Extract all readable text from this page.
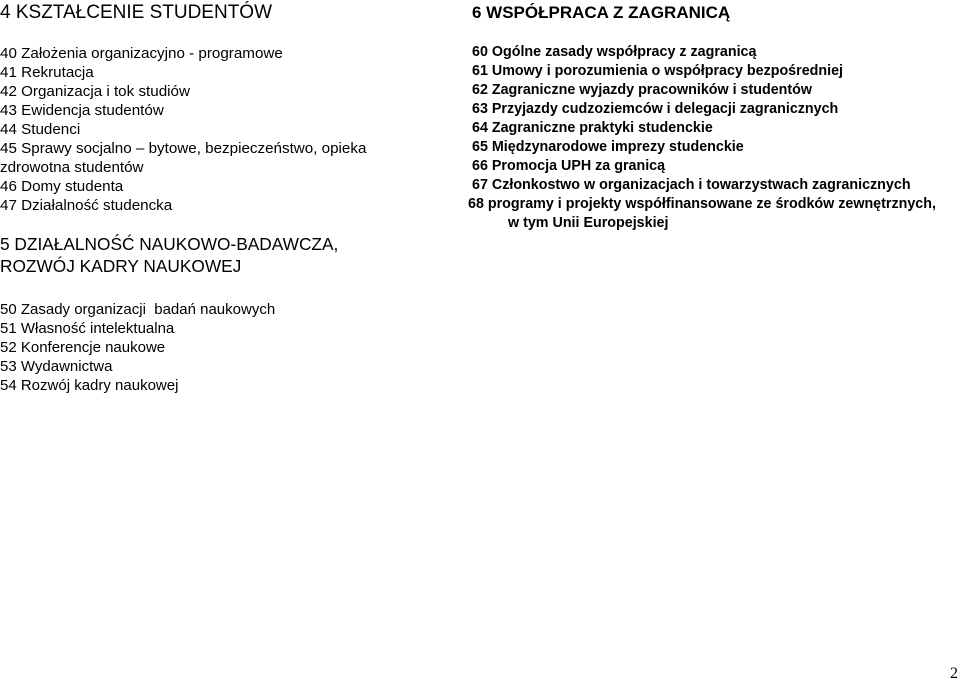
4 KSZTAŁCENIE STUDENTÓW
40 Założenia organizacyjno - programowe
41 Rekrutacja
42 Organizacja i tok studiów
43 Ewidencja studentów
44 Studenci
45 Sprawy socjalno – bytowe, bezpieczeństwo, opieka zdrowotna studentów
46 Domy studenta
47 Działalność studencka
5 DZIAŁALNOŚĆ NAUKOWO-BADAWCZA,
ROZWÓJ KADRY NAUKOWEJ
6 WSPÓŁPRACA Z ZAGRANICĄ
60 Ogólne zasady współpracy z zagranicą
61 Umowy i porozumienia o współpracy bezpośredniej
62 Zagraniczne wyjazdy pracowników i studentów
63 Przyjazdy cudzoziemców i delegacji zagranicznych
64 Zagraniczne praktyki studenckie
65 Międzynarodowe imprezy studenckie
66 Promocja UPH za granicą
67 Członkostwo w organizacjach i towarzystwach zagranicznych
68 programy i projekty współfinansowane ze środków zewnętrznych, w tym Unii Europejskiej
50 Zasady organizacji  badań naukowych
51 Własność intelektualna
52 Konferencje naukowe
53 Wydawnictwa
54 Rozwój kadry naukowej
2
